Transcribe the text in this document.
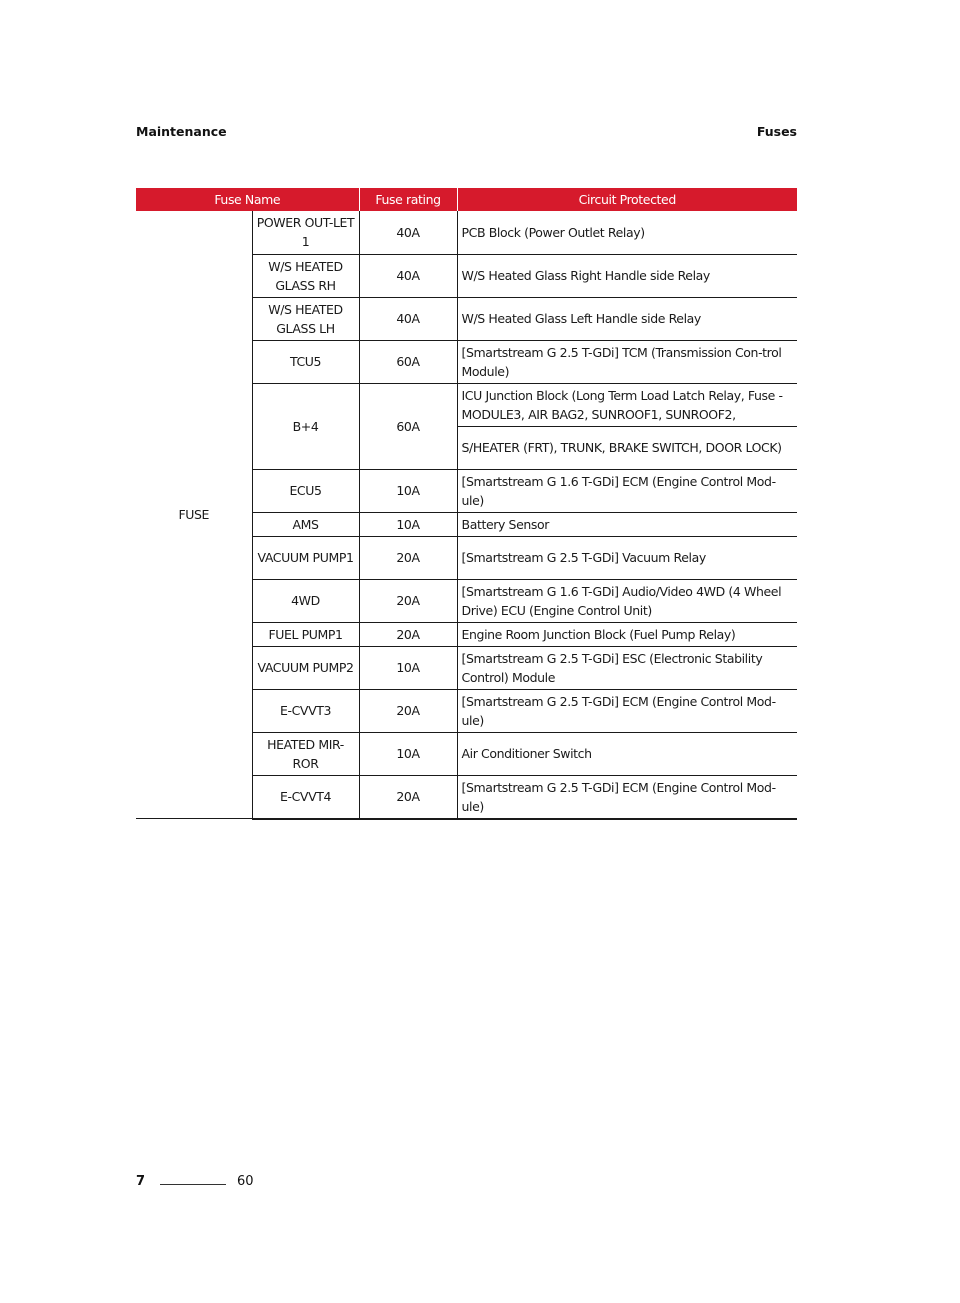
Maintenance	Fuses
Fuse Name		Fuse rating	Circuit Protected
FUSE	POWER OUT-LET 1	40A	PCB Block (Power Outlet Relay)
	W/S HEATED GLASS RH	40A	W/S Heated Glass Right Handle side Relay
	W/S HEATED GLASS LH	40A	W/S Heated Glass Left Handle side Relay
	TCU5	60A	[Smartstream G 2.5 T-GDi] TCM (Transmission Con-trol Module)
	B+4	60A	ICU Junction Block (Long Term Load Latch Relay, Fuse - MODULE3, AIR BAG2, SUNROOF1, SUNROOF2,
			S/HEATER (FRT), TRUNK, BRAKE SWITCH, DOOR LOCK)
	ECU5	10A	[Smartstream G 1.6 T-GDi] ECM (Engine Control Mod-ule)
	AMS	10A	Battery Sensor
	VACUUM PUMP1	20A	[Smartstream G 2.5 T-GDi] Vacuum Relay
	4WD	20A	[Smartstream G 1.6 T-GDi] Audio/Video 4WD (4 Wheel Drive) ECU (Engine Control Unit)
	FUEL PUMP1	20A	Engine Room Junction Block (Fuel Pump Relay)
	VACUUM PUMP2	10A	[Smartstream G 2.5 T-GDi] ESC (Electronic Stability Control) Module
	E-CVVT3	20A	[Smartstream G 2.5 T-GDi] ECM (Engine Control Mod-ule)
	HEATED MIR-ROR	10A	Air Conditioner Switch
	E-CVVT4	20A	[Smartstream G 2.5 T-GDi] ECM (Engine Control Mod-ule)
7	60
